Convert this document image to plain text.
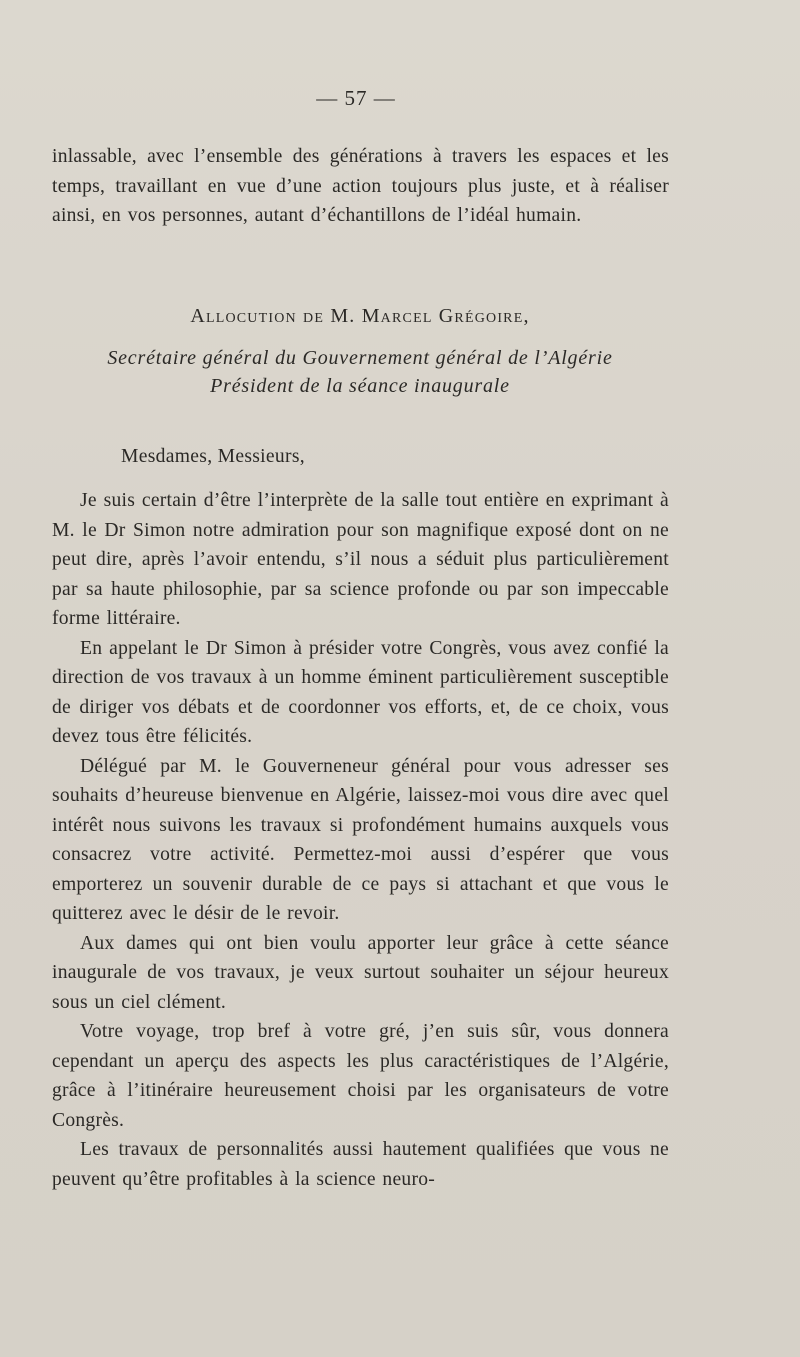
— 57 —

inlassable, avec l’ensemble des générations à travers les espaces et les temps, travaillant en vue d’une action toujours plus juste, et à réaliser ainsi, en vos personnes, autant d’échantillons de l’idéal humain.

Allocution de M. Marcel Grégoire,
Secrétaire général du Gouvernement général de l’Algérie
Président de la séance inaugurale
Mesdames, Messieurs,

Je suis certain d’être l’interprète de la salle tout entière en exprimant à M. le Dr Simon notre admiration pour son magnifique exposé dont on ne peut dire, après l’avoir entendu, s’il nous a séduit plus particulièrement par sa haute philosophie, par sa science profonde ou par son impeccable forme littéraire.

En appelant le Dr Simon à présider votre Congrès, vous avez confié la direction de vos travaux à un homme éminent particulièrement susceptible de diriger vos débats et de coordonner vos efforts, et, de ce choix, vous devez tous être félicités.

Délégué par M. le Gouverneneur général pour vous adresser ses souhaits d’heureuse bienvenue en Algérie, laissez-moi vous dire avec quel intérêt nous suivons les travaux si profondément humains auxquels vous consacrez votre activité. Permettez-moi aussi d’espérer que vous emporterez un souvenir durable de ce pays si attachant et que vous le quitterez avec le désir de le revoir.

Aux dames qui ont bien voulu apporter leur grâce à cette séance inaugurale de vos travaux, je veux surtout souhaiter un séjour heureux sous un ciel clément.

Votre voyage, trop bref à votre gré, j’en suis sûr, vous donnera cependant un aperçu des aspects les plus caractéristiques de l’Algérie, grâce à l’itinéraire heureusement choisi par les organisateurs de votre Congrès.

Les travaux de personnalités aussi hautement qualifiées que vous ne peuvent qu’être profitables à la science neuro-
